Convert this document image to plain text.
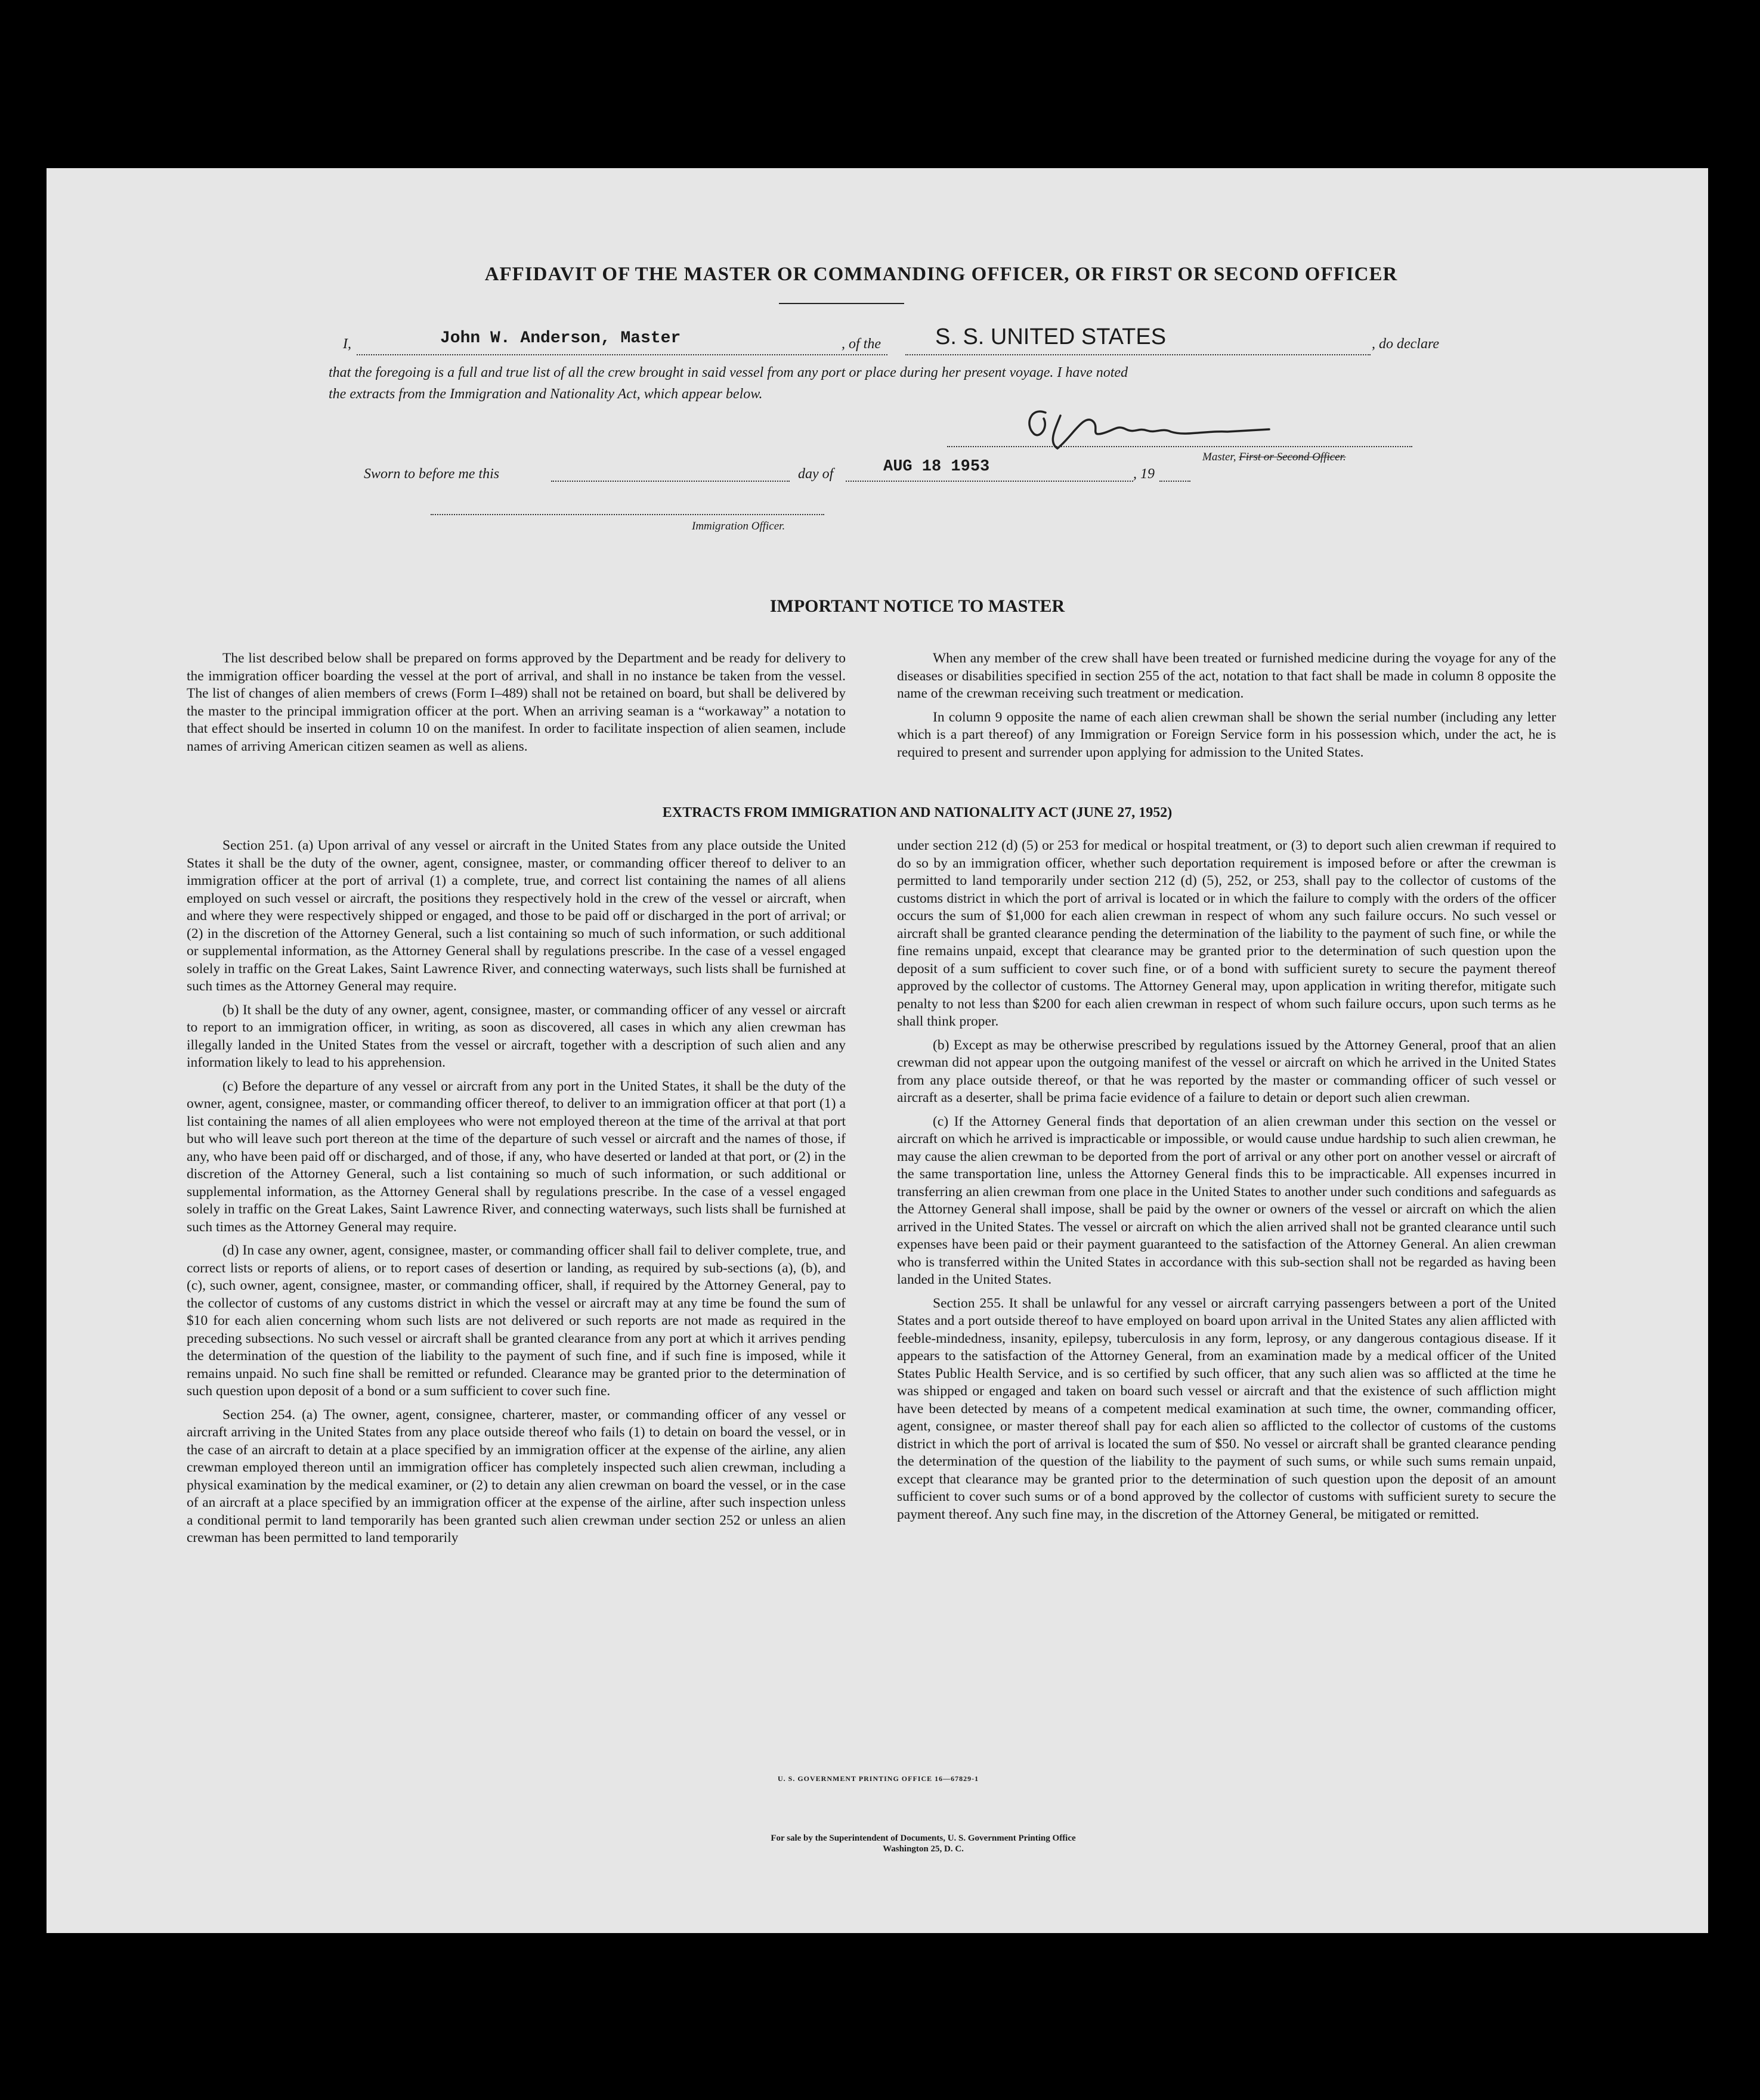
AFFIDAVIT OF THE MASTER OR COMMANDING OFFICER, OR FIRST OR SECOND OFFICER
I,	John W. Anderson, Master	, of the S. S. UNITED STATES	, do declare
that the foregoing is a full and true list of all the crew brought in said vessel from any port or place during her present voyage. I have noted
the extracts from the Immigration and Nationality Act, which appear below.
Master, First or Second Officer.
Sworn to before me this	day of	AUG 18 1953	, 19
Immigration Officer.
IMPORTANT NOTICE TO MASTER

The list described below shall be prepared on forms approved by the Department and be ready for delivery to the immigration officer boarding the vessel at the port of arrival, and shall in no instance be taken from the vessel. The list of changes of alien members of crews (Form I–489) shall not be retained on board, but shall be delivered by the master to the principal immigration officer at the port. When an arriving seaman is a “workaway” a notation to that effect should be inserted in column 10 on the manifest. In order to facilitate inspection of alien seamen, include names of arriving American citizen seamen as well as aliens.

When any member of the crew shall have been treated or furnished medicine during the voyage for any of the diseases or disabilities specified in section 255 of the act, notation to that fact shall be made in column 8 opposite the name of the crewman receiving such treatment or medication.

In column 9 opposite the name of each alien crewman shall be shown the serial number (including any letter which is a part thereof) of any Immigration or Foreign Service form in his possession which, under the act, he is required to present and surrender upon applying for admission to the United States.

EXTRACTS FROM IMMIGRATION AND NATIONALITY ACT (JUNE 27, 1952)

Section 251. (a) Upon arrival of any vessel or aircraft in the United States from any place outside the United States it shall be the duty of the owner, agent, consignee, master, or commanding officer thereof to deliver to an immigration officer at the port of arrival (1) a complete, true, and correct list containing the names of all aliens employed on such vessel or aircraft, the positions they respectively hold in the crew of the vessel or aircraft, when and where they were respectively shipped or engaged, and those to be paid off or discharged in the port of arrival; or (2) in the discretion of the Attorney General, such a list containing so much of such information, or such additional or supplemental information, as the Attorney General shall by regulations prescribe. In the case of a vessel engaged solely in traffic on the Great Lakes, Saint Lawrence River, and connecting waterways, such lists shall be furnished at such times as the Attorney General may require.

(b) It shall be the duty of any owner, agent, consignee, master, or commanding officer of any vessel or aircraft to report to an immigration officer, in writing, as soon as discovered, all cases in which any alien crewman has illegally landed in the United States from the vessel or aircraft, together with a description of such alien and any information likely to lead to his apprehension.

(c) Before the departure of any vessel or aircraft from any port in the United States, it shall be the duty of the owner, agent, consignee, master, or commanding officer thereof, to deliver to an immigration officer at that port (1) a list containing the names of all alien employees who were not employed thereon at the time of the arrival at that port but who will leave such port thereon at the time of the departure of such vessel or aircraft and the names of those, if any, who have been paid off or discharged, and of those, if any, who have deserted or landed at that port, or (2) in the discretion of the Attorney General, such a list containing so much of such information, or such additional or supplemental information, as the Attorney General shall by regulations prescribe. In the case of a vessel engaged solely in traffic on the Great Lakes, Saint Lawrence River, and connecting waterways, such lists shall be furnished at such times as the Attorney General may require.

(d) In case any owner, agent, consignee, master, or commanding officer shall fail to deliver complete, true, and correct lists or reports of aliens, or to report cases of desertion or landing, as required by sub-sections (a), (b), and (c), such owner, agent, consignee, master, or commanding officer, shall, if required by the Attorney General, pay to the collector of customs of any customs district in which the vessel or aircraft may at any time be found the sum of $10 for each alien concerning whom such lists are not delivered or such reports are not made as required in the preceding subsections. No such vessel or aircraft shall be granted clearance from any port at which it arrives pending the determination of the question of the liability to the payment of such fine, and if such fine is imposed, while it remains unpaid. No such fine shall be remitted or refunded. Clearance may be granted prior to the determination of such question upon deposit of a bond or a sum sufficient to cover such fine.

Section 254. (a) The owner, agent, consignee, charterer, master, or commanding officer of any vessel or aircraft arriving in the United States from any place outside thereof who fails (1) to detain on board the vessel, or in the case of an aircraft to detain at a place specified by an immigration officer at the expense of the airline, any alien crewman employed thereon until an immigration officer has completely inspected such alien crewman, including a physical examination by the medical examiner, or (2) to detain any alien crewman on board the vessel, or in the case of an aircraft at a place specified by an immigration officer at the expense of the airline, after such inspection unless a conditional permit to land temporarily has been granted such alien crewman under section 252 or unless an alien crewman has been permitted to land temporarily

under section 212 (d) (5) or 253 for medical or hospital treatment, or (3) to deport such alien crewman if required to do so by an immigration officer, whether such deportation requirement is imposed before or after the crewman is permitted to land temporarily under section 212 (d) (5), 252, or 253, shall pay to the collector of customs of the customs district in which the port of arrival is located or in which the failure to comply with the orders of the officer occurs the sum of $1,000 for each alien crewman in respect of whom any such failure occurs. No such vessel or aircraft shall be granted clearance pending the determination of the liability to the payment of such fine, or while the fine remains unpaid, except that clearance may be granted prior to the determination of such question upon the deposit of a sum sufficient to cover such fine, or of a bond with sufficient surety to secure the payment thereof approved by the collector of customs. The Attorney General may, upon application in writing therefor, mitigate such penalty to not less than $200 for each alien crewman in respect of whom such failure occurs, upon such terms as he shall think proper.

(b) Except as may be otherwise prescribed by regulations issued by the Attorney General, proof that an alien crewman did not appear upon the outgoing manifest of the vessel or aircraft on which he arrived in the United States from any place outside thereof, or that he was reported by the master or commanding officer of such vessel or aircraft as a deserter, shall be prima facie evidence of a failure to detain or deport such alien crewman.

(c) If the Attorney General finds that deportation of an alien crewman under this section on the vessel or aircraft on which he arrived is impracticable or impossible, or would cause undue hardship to such alien crewman, he may cause the alien crewman to be deported from the port of arrival or any other port on another vessel or aircraft of the same transportation line, unless the Attorney General finds this to be impracticable. All expenses incurred in transferring an alien crewman from one place in the United States to another under such conditions and safeguards as the Attorney General shall impose, shall be paid by the owner or owners of the vessel or aircraft on which the alien arrived in the United States. The vessel or aircraft on which the alien arrived shall not be granted clearance until such expenses have been paid or their payment guaranteed to the satisfaction of the Attorney General. An alien crewman who is transferred within the United States in accordance with this sub-section shall not be regarded as having been landed in the United States.

Section 255. It shall be unlawful for any vessel or aircraft carrying passengers between a port of the United States and a port outside thereof to have employed on board upon arrival in the United States any alien afflicted with feeble-mindedness, insanity, epilepsy, tuberculosis in any form, leprosy, or any dangerous contagious disease. If it appears to the satisfaction of the Attorney General, from an examination made by a medical officer of the United States Public Health Service, and is so certified by such officer, that any such alien was so afflicted at the time he was shipped or engaged and taken on board such vessel or aircraft and that the existence of such affliction might have been detected by means of a competent medical examination at such time, the owner, commanding officer, agent, consignee, or master thereof shall pay for each alien so afflicted to the collector of customs of the customs district in which the port of arrival is located the sum of $50. No vessel or aircraft shall be granted clearance pending the determination of the question of the liability to the payment of such sums, or while such sums remain unpaid, except that clearance may be granted prior to the determination of such question upon the deposit of an amount sufficient to cover such sums or of a bond approved by the collector of customs with sufficient surety to secure the payment thereof. Any such fine may, in the discretion of the Attorney General, be mitigated or remitted.

U. S. GOVERNMENT PRINTING OFFICE 16—67829-1
For sale by the Superintendent of Documents, U. S. Government Printing Office
Washington 25, D. C.
